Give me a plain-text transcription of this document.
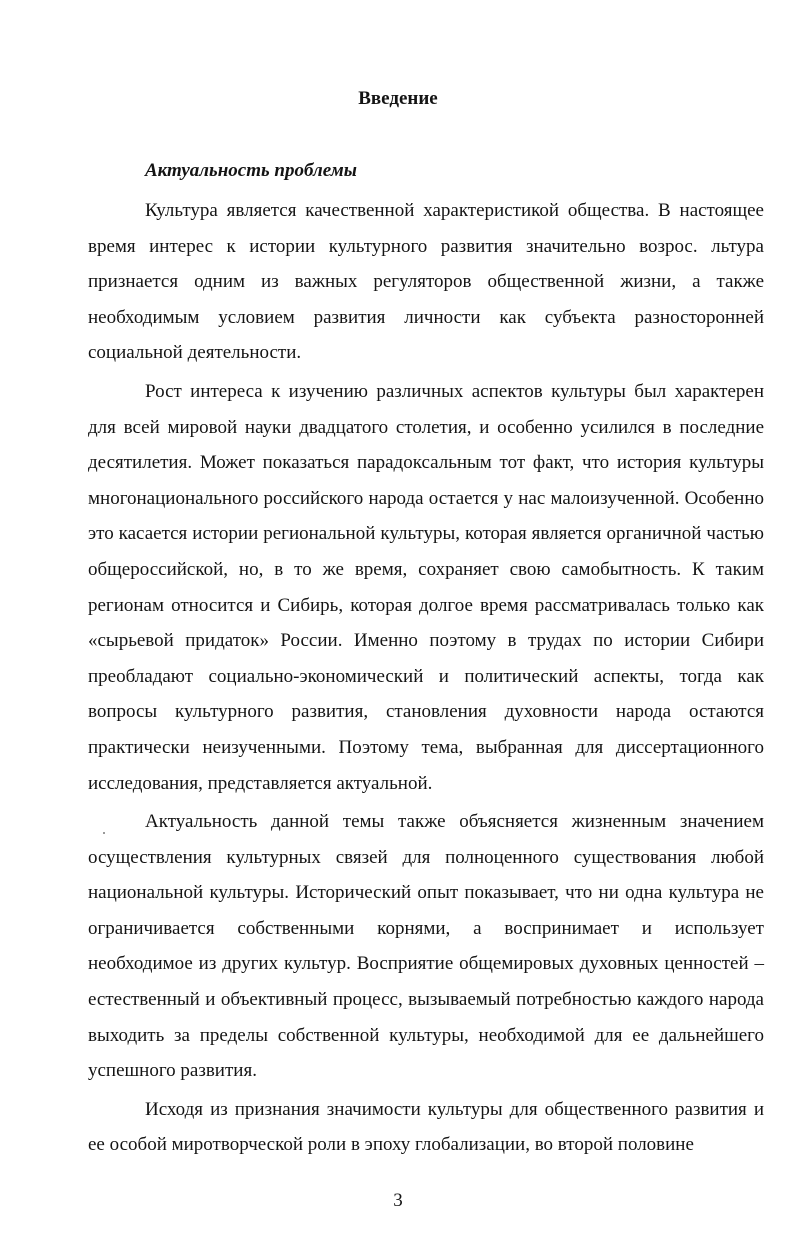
Введение
Актуальность проблемы

Культура является качественной характеристикой общества. В настоящее время интерес к истории культурного развития значительно возрос. льтура признается одним из важных регуляторов общественной жизни, а также необходимым условием развития личности как субъекта разносторонней социальной деятельности.

Рост интереса к изучению различных аспектов культуры был характерен для всей мировой науки двадцатого столетия, и особенно усилился в последние десятилетия. Может показаться парадоксальным тот факт, что история культуры многонационального российского народа остается у нас малоизученной. Особенно это касается истории региональной культуры, которая является органичной частью общероссийской, но, в то же время, сохраняет свою самобытность. К таким регионам относится и Сибирь, которая долгое время рассматривалась только как «сырьевой придаток» России. Именно поэтому в трудах по истории Сибири преобладают социально-экономический и политический аспекты, тогда как вопросы культурного развития, становления духовности народа остаются практически неизученными. Поэтому тема, выбранная для диссертационного исследования, представляется актуальной.

Актуальность данной темы также объясняется жизненным значением осуществления культурных связей для полноценного существования любой национальной культуры. Исторический опыт показывает, что ни одна культура не ограничивается собственными корнями, а воспринимает и использует необходимое из других культур. Восприятие общемировых духовных ценностей – естественный и объективный процесс, вызываемый потребностью каждого народа выходить за пределы собственной культуры, необходимой для ее дальнейшего успешного развития.

Исходя из признания значимости культуры для общественного развития и ее особой миротворческой роли в эпоху глобализации, во второй половине

3
